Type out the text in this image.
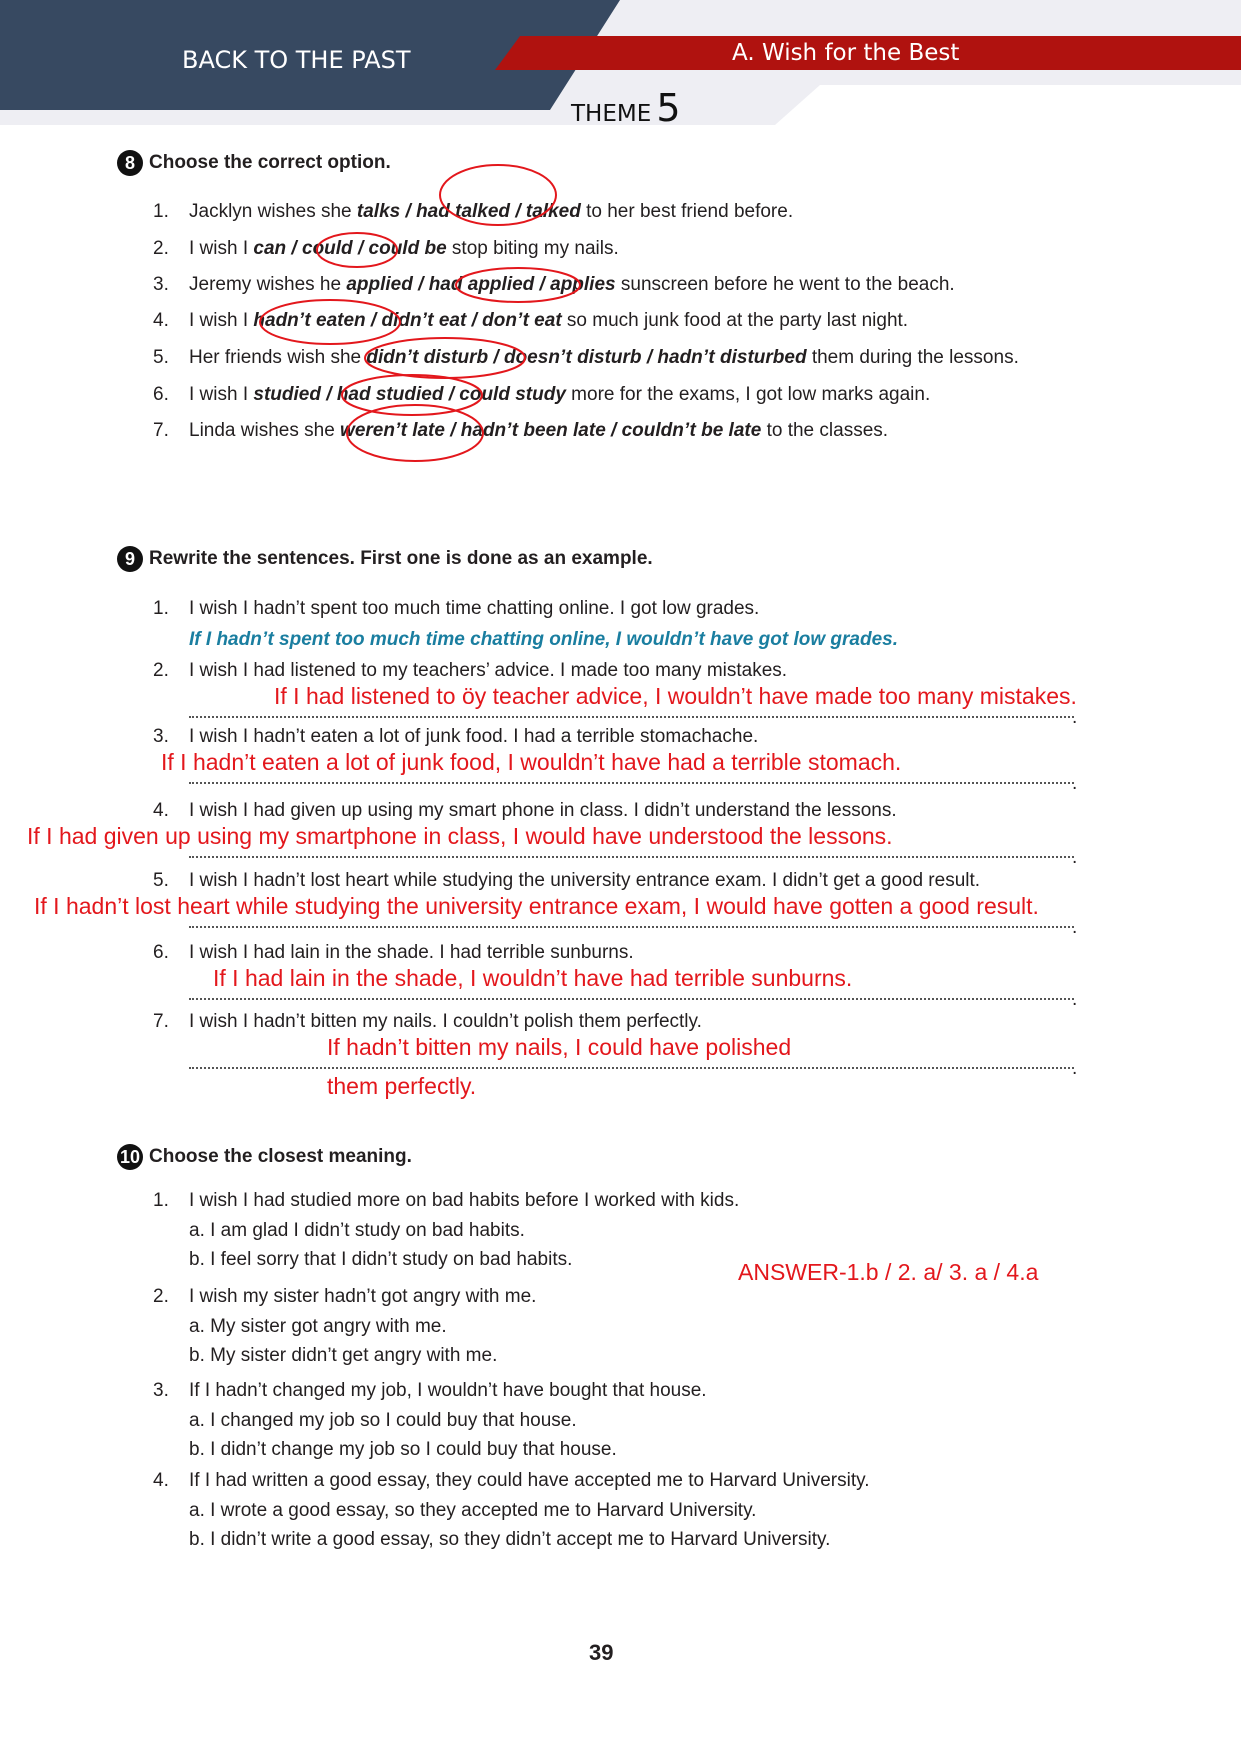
BACK TO THE PAST	A. Wish for the Best
THEME 5
8 Choose the correct option.
1. Jacklyn wishes she talks / had talked / talked to her best friend before.
2. I wish I can / could / could be stop biting my nails.
3. Jeremy wishes he applied / had applied / applies sunscreen before he went to the beach.
4. I wish I hadn’t eaten / didn’t eat / don’t eat so much junk food at the party last night.
5. Her friends wish she didn’t disturb / doesn’t disturb / hadn’t disturbed them during the lessons.
6. I wish I studied / had studied / could study more for the exams, I got low marks again.
7. Linda wishes she weren’t late / hadn’t been late / couldn’t be late to the classes.
9 Rewrite the sentences. First one is done as an example.
1. I wish I hadn’t spent too much time chatting online. I got low grades.
If I hadn’t spent too much time chatting online, I wouldn’t have got low grades.
2. I wish I had listened to my teachers’ advice. I made too many mistakes.
.
If I had listened to öy teacher advice, I wouldn’t have made too many mistakes.
3. I wish I hadn’t eaten a lot of junk food. I had a terrible stomachache.
.
If I hadn’t eaten a lot of junk food, I wouldn’t have had a terrible stomach.
4. I wish I had given up using my smart phone in class. I didn’t understand the lessons.
.
If I had given up using my smartphone in class, I would have understood the lessons.
5. I wish I hadn’t lost heart while studying the university entrance exam. I didn’t get a good result.
.
If I hadn’t lost heart while studying the university entrance exam, I would have gotten a good result.
6. I wish I had lain in the shade. I had terrible sunburns.
.
If I had lain in the shade, I wouldn’t have had terrible sunburns.
7. I wish I hadn’t bitten my nails. I couldn’t polish them perfectly.
.
If hadn’t bitten my nails, I could have polished
them perfectly.
10 Choose the closest meaning.
1. I wish I had studied more on bad habits before I worked with kids.
a. I am glad I didn’t study on bad habits.
b. I feel sorry that I didn’t study on bad habits.
2. I wish my sister hadn’t got angry with me.
a. My sister got angry with me.
b. My sister didn’t get angry with me.
3. If I hadn’t changed my job, I wouldn’t have bought that house.
a. I changed my job so I could buy that house.
b. I didn’t change my job so I could buy that house.
4. If I had written a good essay, they could have accepted me to Harvard University.
a. I wrote a good essay, so they accepted me to Harvard University.
b. I didn’t write a good essay, so they didn’t accept me to Harvard University.
ANSWER-1.b / 2. a/ 3. a / 4.a
39
